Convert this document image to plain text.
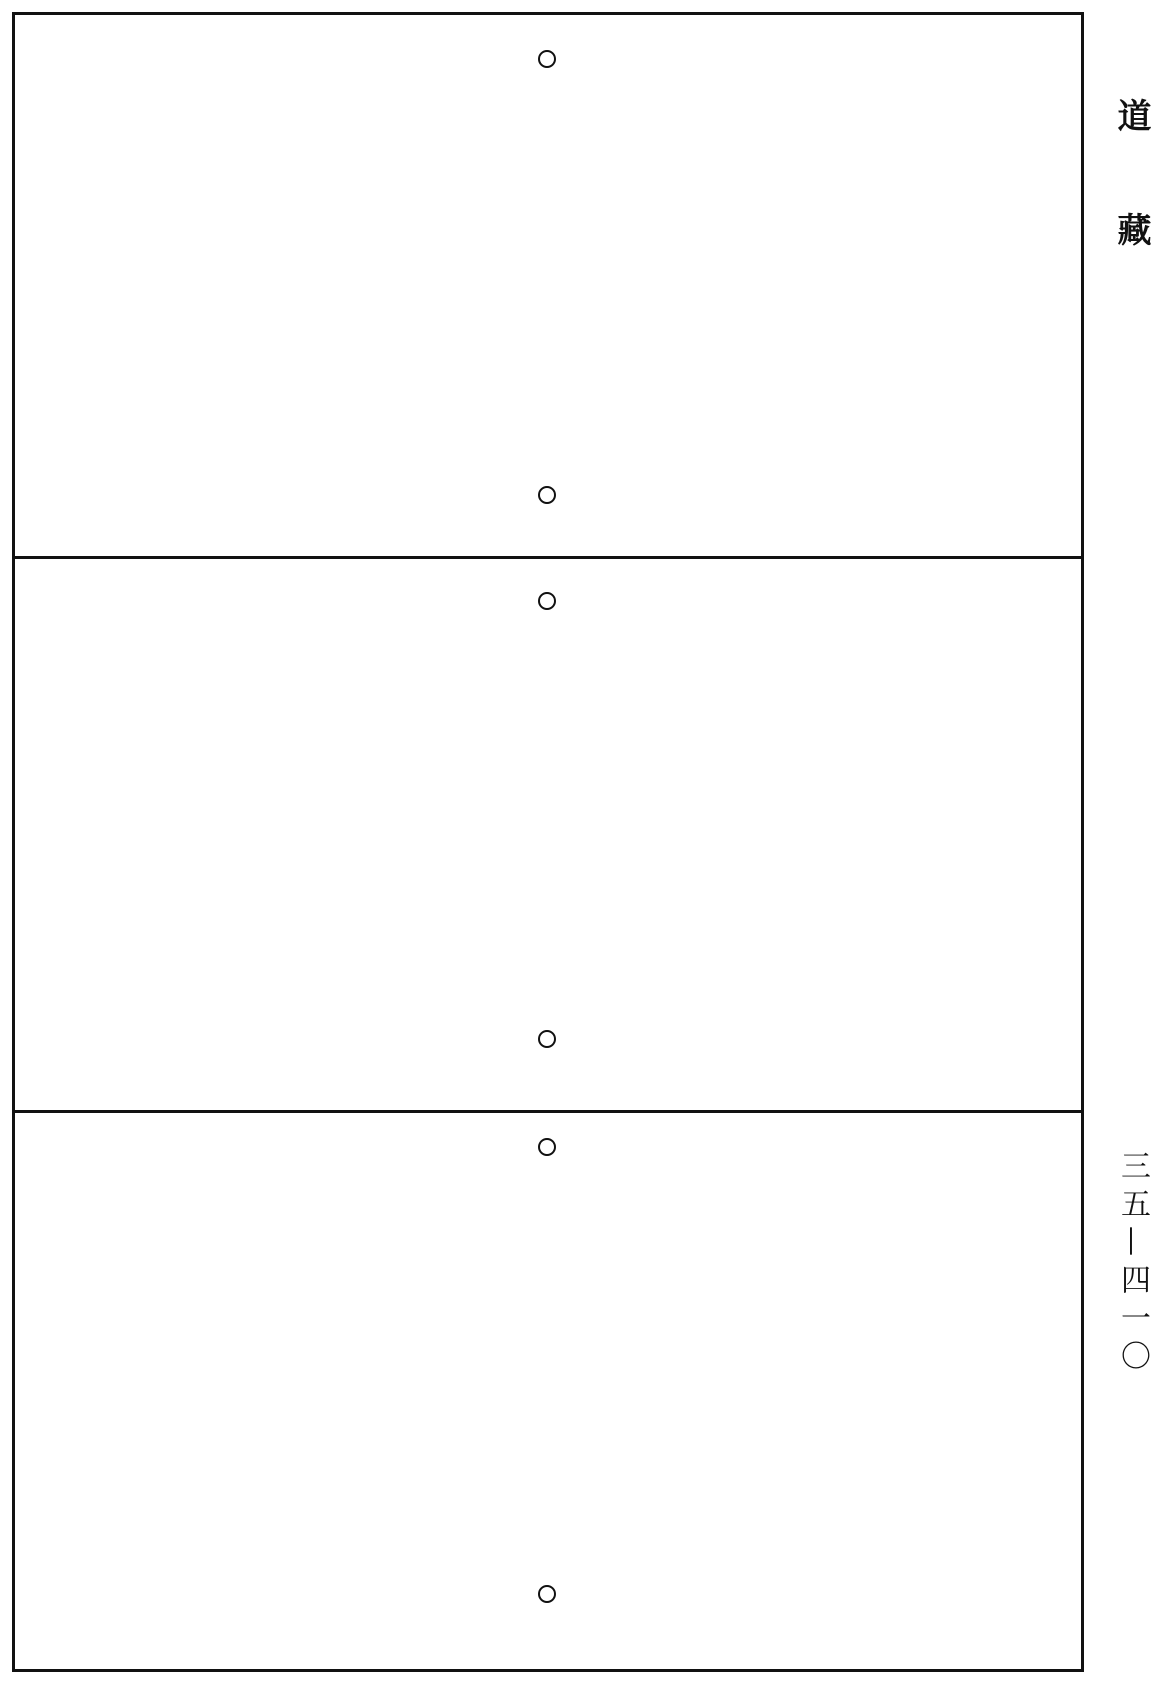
道藏
三五—四一〇
